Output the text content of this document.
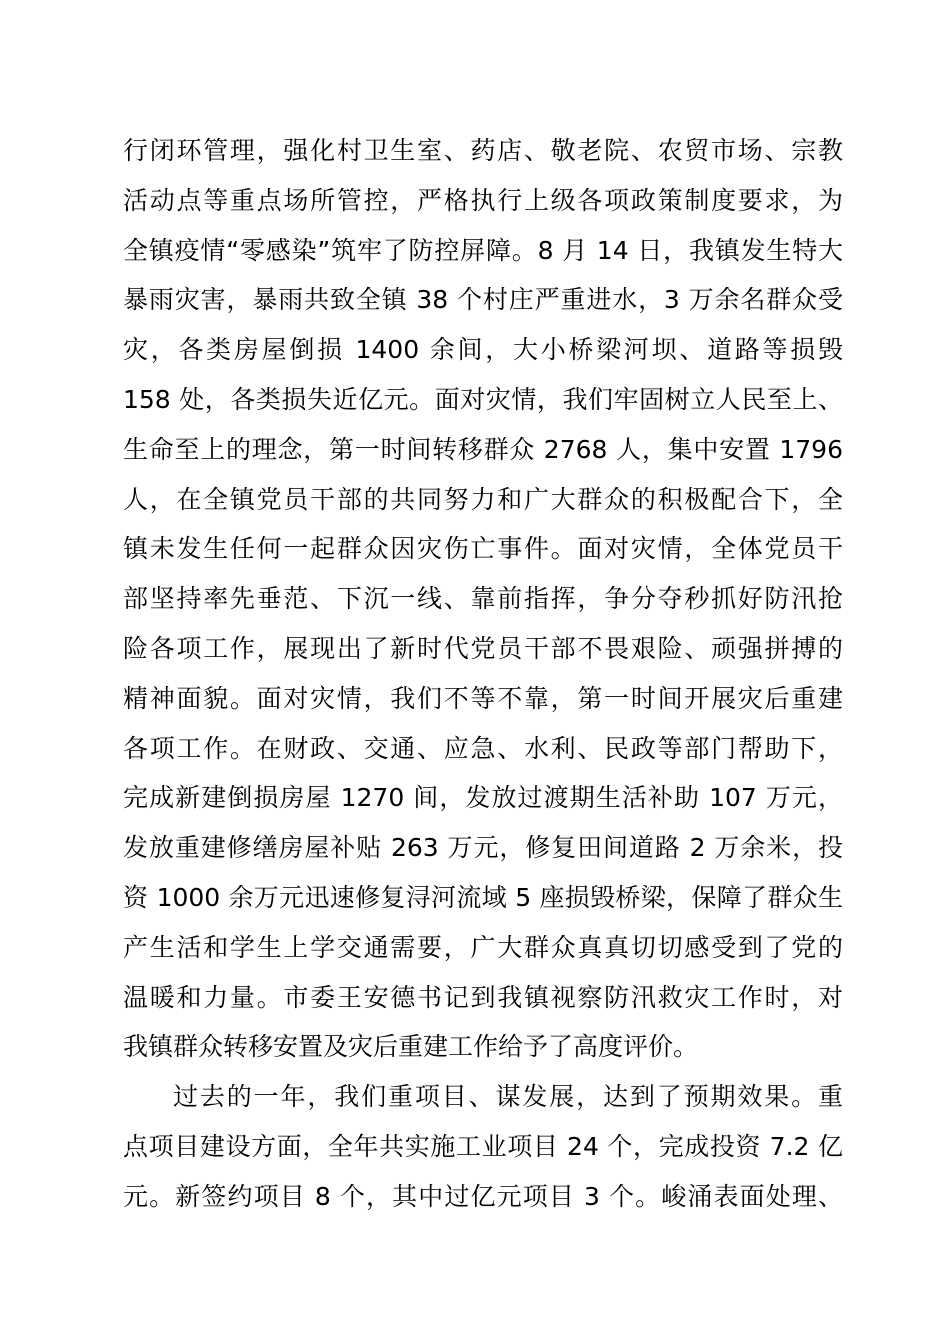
行闭环管理，强化村卫生室、药店、敬老院、农贸市场、宗教
活动点等重点场所管控，严格执行上级各项政策制度要求，为
全镇疫情“零感染”筑牢了防控屏障。8 月 14 日，我镇发生特大
暴雨灾害，暴雨共致全镇 38 个村庄严重进水，3 万余名群众受
灾，各类房屋倒损 1400 余间，大小桥梁河坝、道路等损毁
158 处，各类损失近亿元。面对灾情，我们牢固树立人民至上、
生命至上的理念，第一时间转移群众 2768 人，集中安置 1796
人，在全镇党员干部的共同努力和广大群众的积极配合下，全
镇未发生任何一起群众因灾伤亡事件。面对灾情，全体党员干
部坚持率先垂范、下沉一线、靠前指挥，争分夺秒抓好防汛抢
险各项工作，展现出了新时代党员干部不畏艰险、顽强拼搏的
精神面貌。面对灾情，我们不等不靠，第一时间开展灾后重建
各项工作。在财政、交通、应急、水利、民政等部门帮助下，
完成新建倒损房屋 1270 间，发放过渡期生活补助 107 万元，
发放重建修缮房屋补贴 263 万元，修复田间道路 2 万余米，投
资 1000 余万元迅速修复浔河流域 5 座损毁桥梁，保障了群众生
产生活和学生上学交通需要，广大群众真真切切感受到了党的
温暖和力量。市委王安德书记到我镇视察防汛救灾工作时，对
我镇群众转移安置及灾后重建工作给予了高度评价。
过去的一年，我们重项目、谋发展，达到了预期效果。重
点项目建设方面，全年共实施工业项目 24 个，完成投资 7.2 亿
元。新签约项目 8 个，其中过亿元项目 3 个。峻涌表面处理、
